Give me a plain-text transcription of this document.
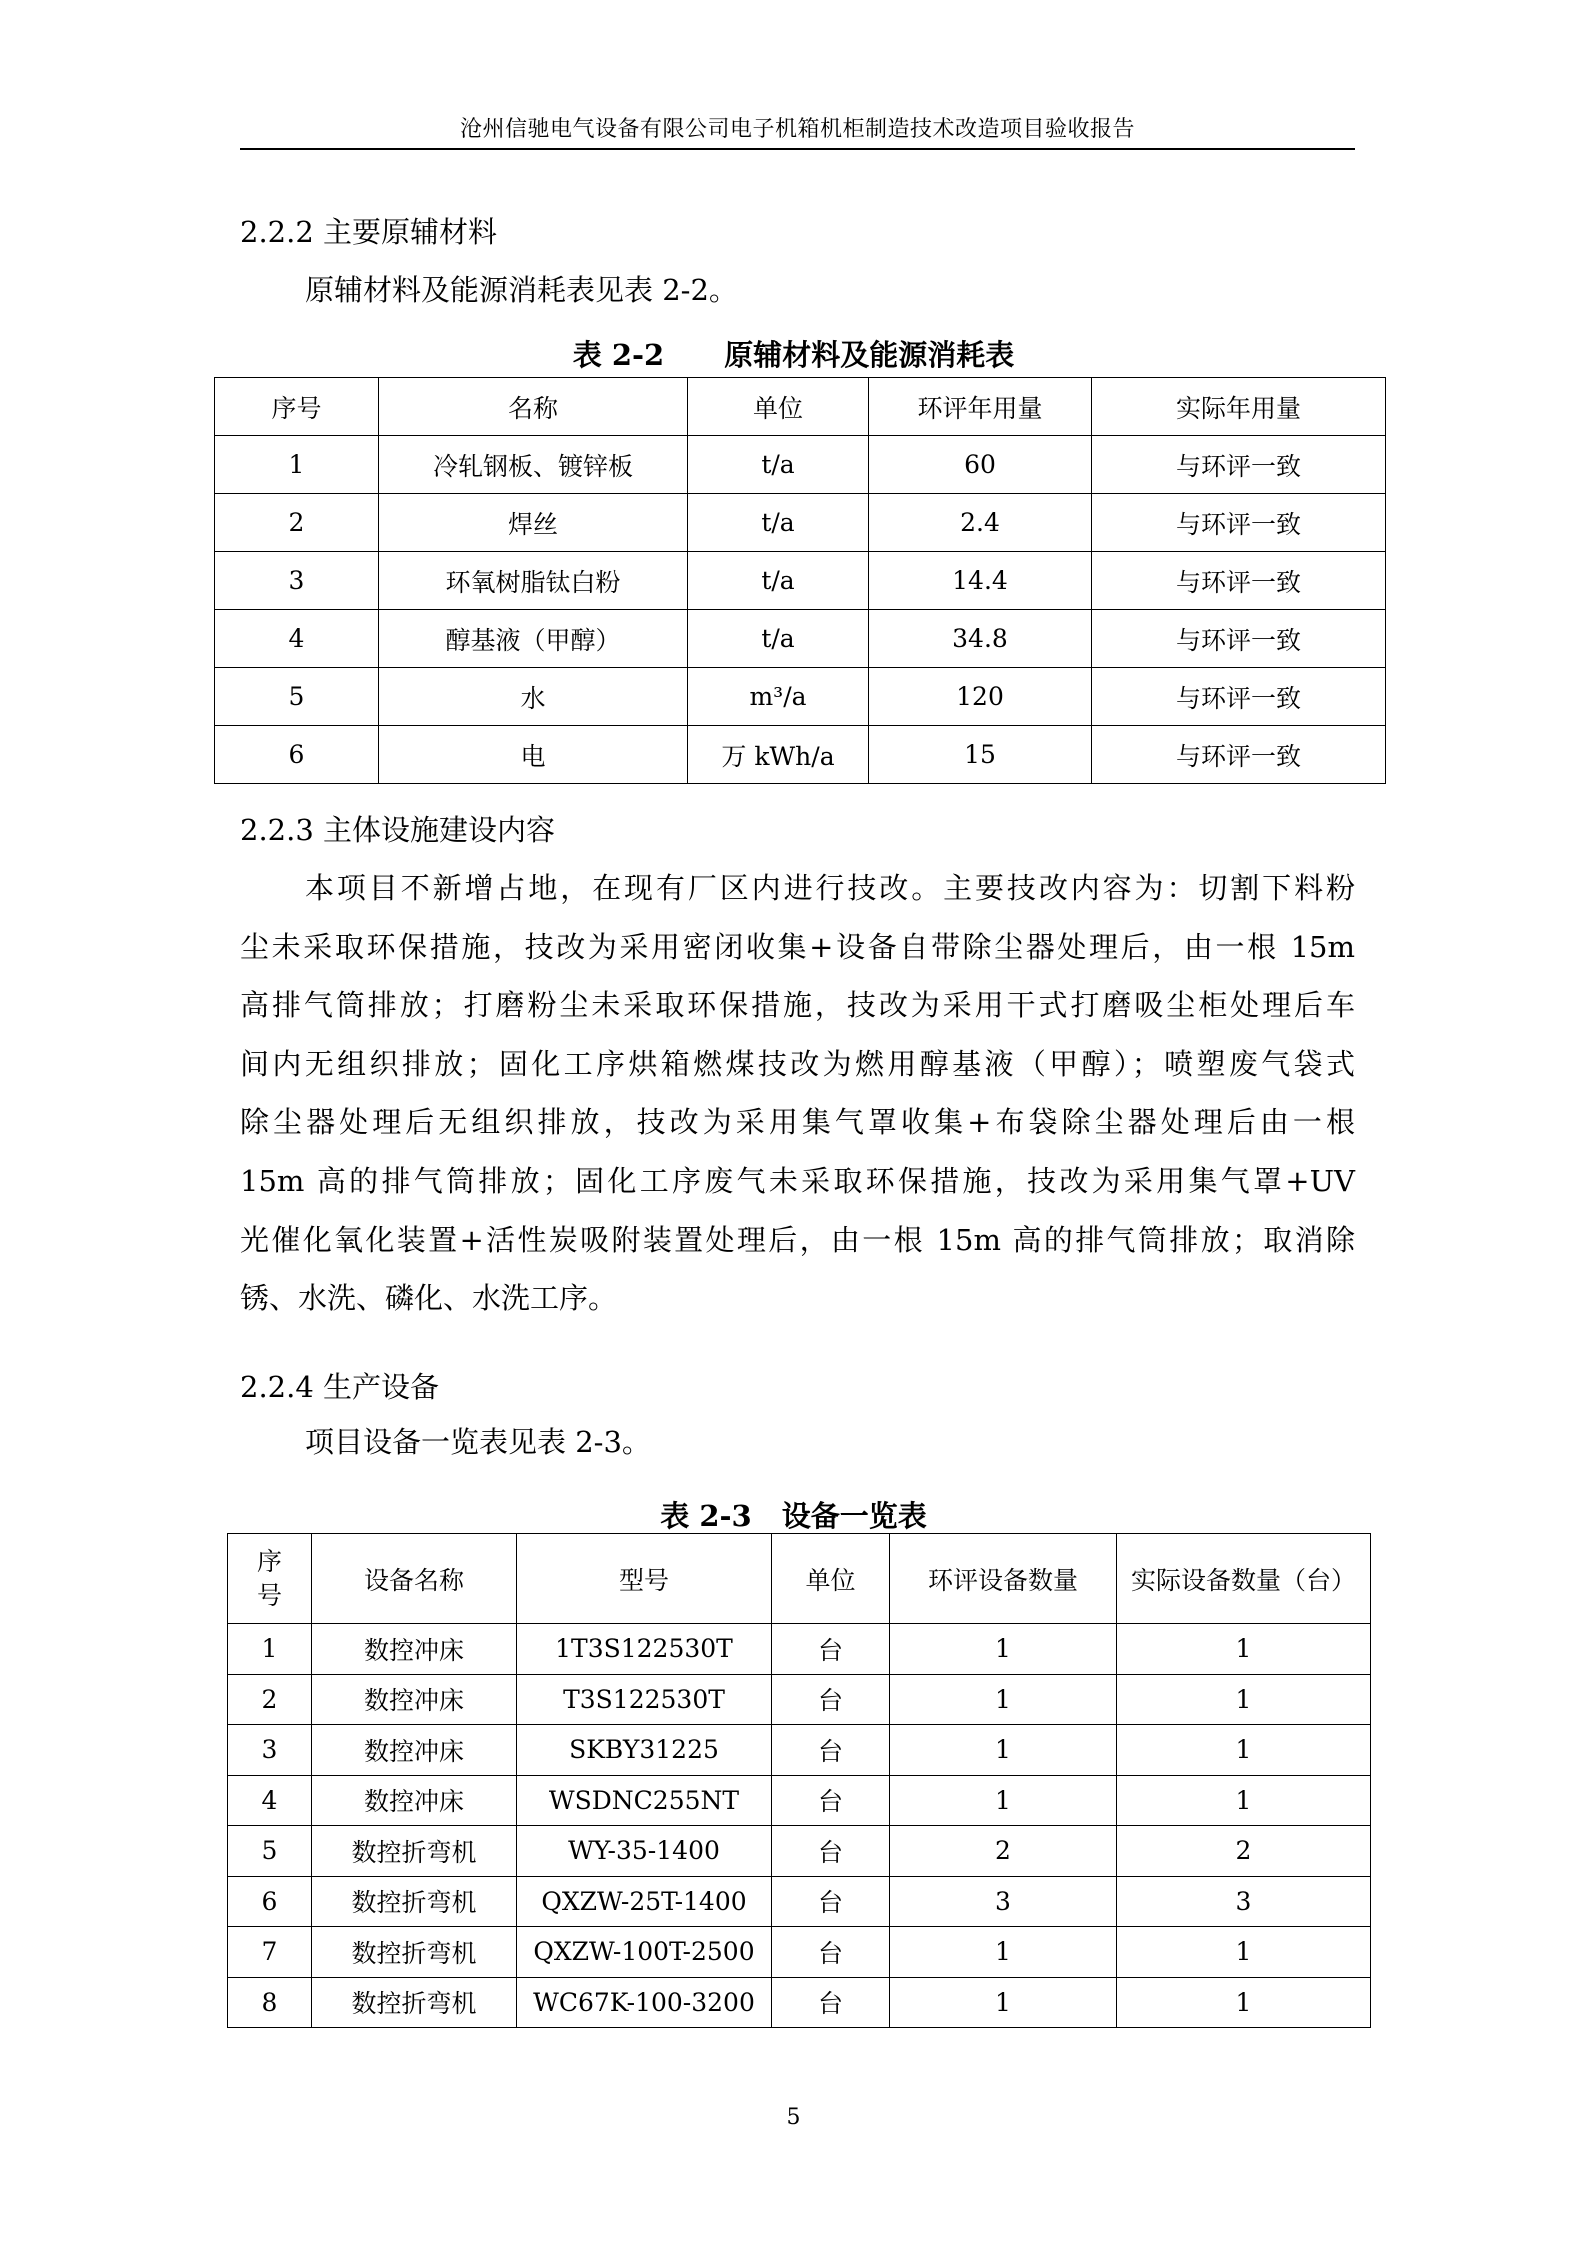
沧州信驰电气设备有限公司电子机箱机柜制造技术改造项目验收报告
2.2.2 主要原辅材料
原辅材料及能源消耗表见表 2-2。
表 2-2 原辅材料及能源消耗表
序号	名称	单位	环评年用量	实际年用量
1	冷轧钢板、镀锌板	t/a	60	与环评一致
2	焊丝	t/a	2.4	与环评一致
3	环氧树脂钛白粉	t/a	14.4	与环评一致
4	醇基液（甲醇）	t/a	34.8	与环评一致
5	水	m³/a	120	与环评一致
6	电	万 kWh/a	15	与环评一致
2.2.3 主体设施建设内容
本项目不新增占地，在现有厂区内进行技改。主要技改内容为：切割下料粉
尘未采取环保措施，技改为采用密闭收集+设备自带除尘器处理后，由一根 15m
高排气筒排放；打磨粉尘未采取环保措施，技改为采用干式打磨吸尘柜处理后车
间内无组织排放；固化工序烘箱燃煤技改为燃用醇基液（甲醇）；喷塑废气袋式
除尘器处理后无组织排放，技改为采用集气罩收集+布袋除尘器处理后由一根
15m 高的排气筒排放；固化工序废气未采取环保措施，技改为采用集气罩+UV
光催化氧化装置+活性炭吸附装置处理后，由一根 15m 高的排气筒排放；取消除
锈、水洗、磷化、水洗工序。
2.2.4 生产设备
项目设备一览表见表 2-3。
表 2-3 设备一览表
序
号	设备名称	型号	单位	环评设备数量	实际设备数量（台）
1	数控冲床	1T3S122530T	台	1	1
2	数控冲床	T3S122530T	台	1	1
3	数控冲床	SKBY31225	台	1	1
4	数控冲床	WSDNC255NT	台	1	1
5	数控折弯机	WY-35-1400	台	2	2
6	数控折弯机	QXZW-25T-1400	台	3	3
7	数控折弯机	QXZW-100T-2500	台	1	1
8	数控折弯机	WC67K-100-3200	台	1	1
5
